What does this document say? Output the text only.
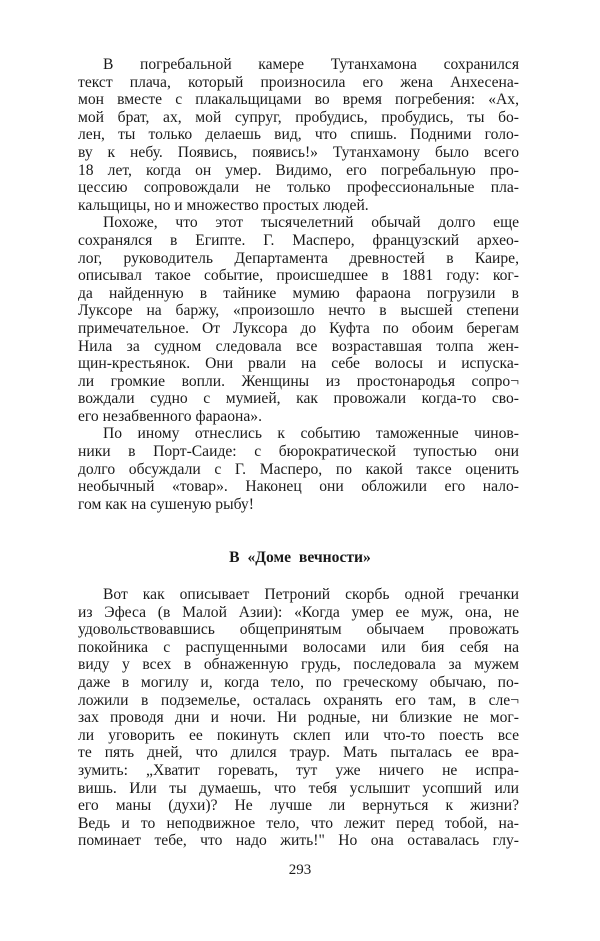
В погребальной камере Тутанхамона сохранился
текст плача, который произносила его жена Анхесена-
мон вместе с плакальщицами во время погребения: «Ах,
мой брат, ах, мой супруг, пробудись, пробудись, ты бо-
лен, ты только делаешь вид, что спишь. Подними голо-
ву к небу. Появись, появись!» Тутанхамону было всего
18 лет, когда он умер. Видимо, его погребальную про-
цессию сопровождали не только профессиональные пла-
кальщицы, но и множество простых людей.
Похоже, что этот тысячелетний обычай долго еще
сохранялся в Египте. Г. Масперо, французский архео-
лог, руководитель Департамента древностей в Каире,
описывал такое событие, происшедшее в 1881 году: ког-
да найденную в тайнике мумию фараона погрузили в
Луксоре на баржу, «произошло нечто в высшей степени
примечательное. От Луксора до Куфта по обоим берегам
Нила за судном следовала все возраставшая толпа жен-
щин-крестьянок. Они рвали на себе волосы и испуска-
ли громкие вопли. Женщины из простонародья сопро¬
вождали судно с мумией, как провожали когда-то сво-
его незабвенного фараона».
По иному отнеслись к событию таможенные чинов-
ники в Порт-Саиде: с бюрократической тупостью они
долго обсуждали с Г. Масперо, по какой таксе оценить
необычный «товар». Наконец они обложили его нало-
гом как на сушеную рыбу!
В «Доме вечности»
Вот как описывает Петроний скорбь одной гречанки
из Эфеса (в Малой Азии): «Когда умер ее муж, она, не
удовольствовавшись общепринятым обычаем провожать
покойника с распущенными волосами или бия себя на
виду у всех в обнаженную грудь, последовала за мужем
даже в могилу и, когда тело, по греческому обычаю, по-
ложили в подземелье, осталась охранять его там, в сле¬
зах проводя дни и ночи. Ни родные, ни близкие не мог-
ли уговорить ее покинуть склеп или что-то поесть все
те пять дней, что длился траур. Мать пыталась ее вра-
зумить: „Хватит горевать, тут уже ничего не испра-
вишь. Или ты думаешь, что тебя услышит усопший или
его маны (духи)? Не лучше ли вернуться к жизни?
Ведь и то неподвижное тело, что лежит перед тобой, на-
поминает тебе, что надо жить!" Но она оставалась глу-
293
